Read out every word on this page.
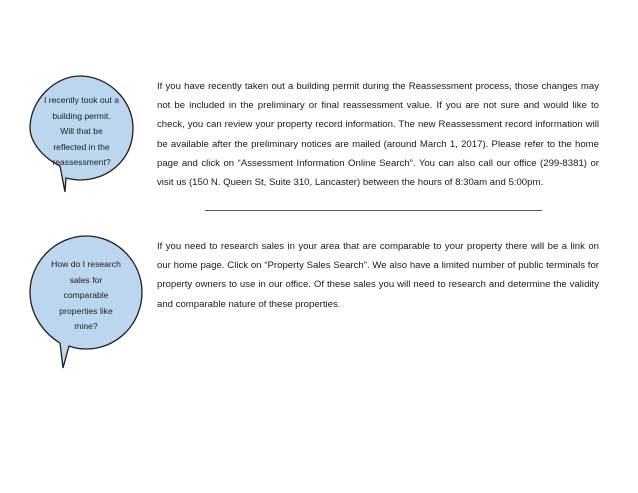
I recently took out a
building permit.
Will that be
reflected in the
reassessment?

If you have recently taken out a building permit during the Reassessment process, those changes may not be included in the preliminary or final reassessment value. If you are not sure and would like to check, you can review your property record information. The new Reassessment record information will be available after the preliminary notices are mailed (around March 1, 2017). Please refer to the home page and click on “Assessment Information Online Search”. You can also call our office (299-8381) or visit us (150 N. Queen St, Suite 310, Lancaster) between the hours of 8:30am and 5:00pm.

How do I research
sales for
comparable
properties like
mine?

If you need to research sales in your area that are comparable to your property there will be a link on our home page. Click on “Property Sales Search”. We also have a limited number of public terminals for property owners to use in our office. Of these sales you will need to research and determine the validity and comparable nature of these properties.
